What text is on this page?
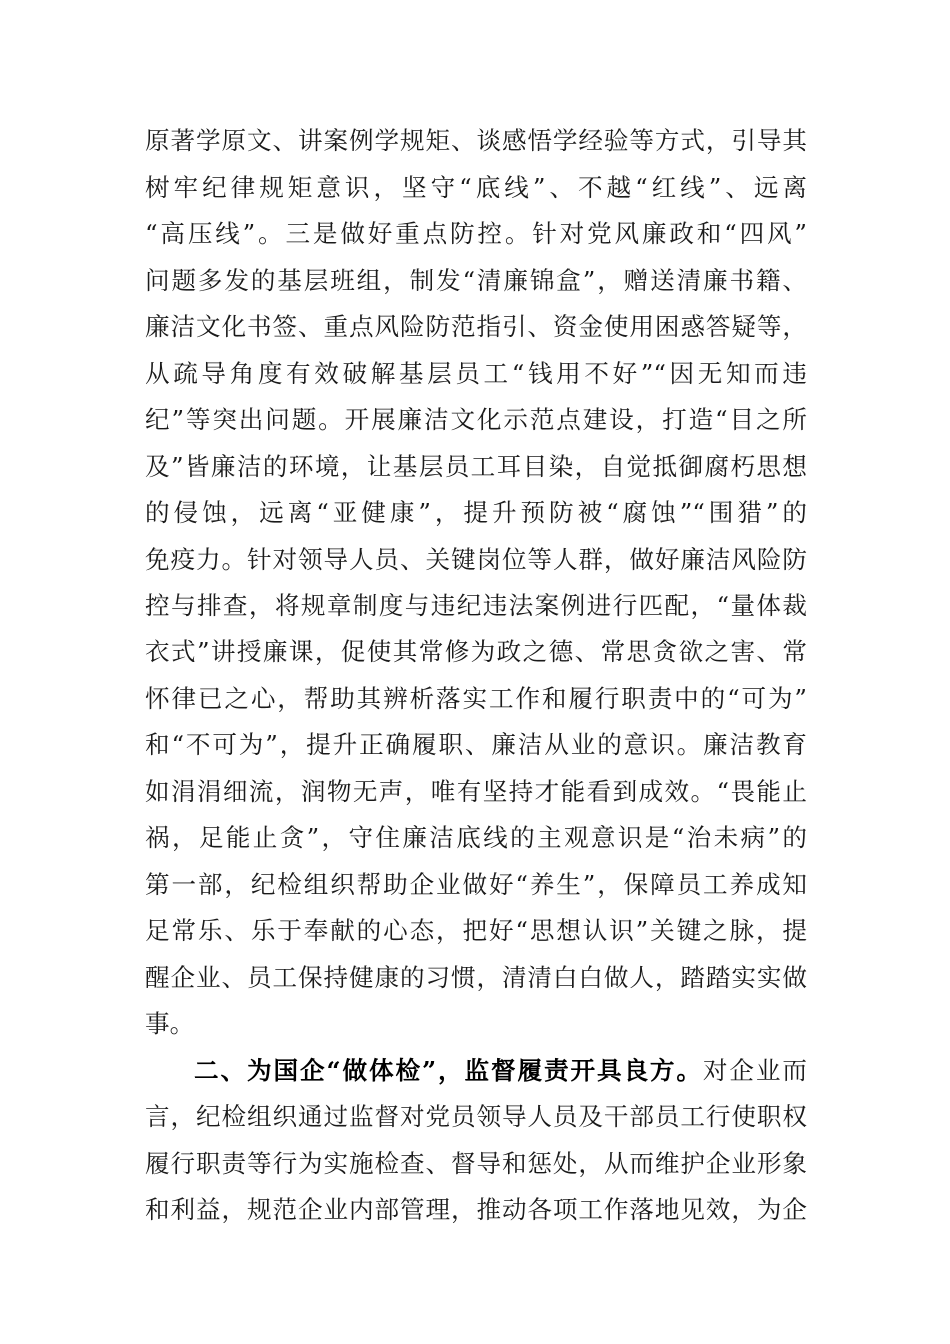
原著学原文、讲案例学规矩、谈感悟学经验等方式，引导其
树牢纪律规矩意识，坚守“底线”、不越“红线”、远离
“高压线”。三是做好重点防控。针对党风廉政和“四风”
问题多发的基层班组，制发“清廉锦盒”，赠送清廉书籍、
廉洁文化书签、重点风险防范指引、资金使用困惑答疑等，
从疏导角度有效破解基层员工“钱用不好”“因无知而违
纪”等突出问题。开展廉洁文化示范点建设，打造“目之所
及”皆廉洁的环境，让基层员工耳目染，自觉抵御腐朽思想
的侵蚀，远离“亚健康”，提升预防被“腐蚀”“围猎”的
免疫力。针对领导人员、关键岗位等人群，做好廉洁风险防
控与排查，将规章制度与违纪违法案例进行匹配，“量体裁
衣式”讲授廉课，促使其常修为政之德、常思贪欲之害、常
怀律已之心，帮助其辨析落实工作和履行职责中的“可为”
和“不可为”，提升正确履职、廉洁从业的意识。廉洁教育
如涓涓细流，润物无声，唯有坚持才能看到成效。“畏能止
祸，足能止贪”，守住廉洁底线的主观意识是“治未病”的
第一部，纪检组织帮助企业做好“养生”，保障员工养成知
足常乐、乐于奉献的心态，把好“思想认识”关键之脉，提
醒企业、员工保持健康的习惯，清清白白做人，踏踏实实做
事。
二、为国企“做体检”，监督履责开具良方。对企业而
言，纪检组织通过监督对党员领导人员及干部员工行使职权
履行职责等行为实施检查、督导和惩处，从而维护企业形象
和利益，规范企业内部管理，推动各项工作落地见效，为企
